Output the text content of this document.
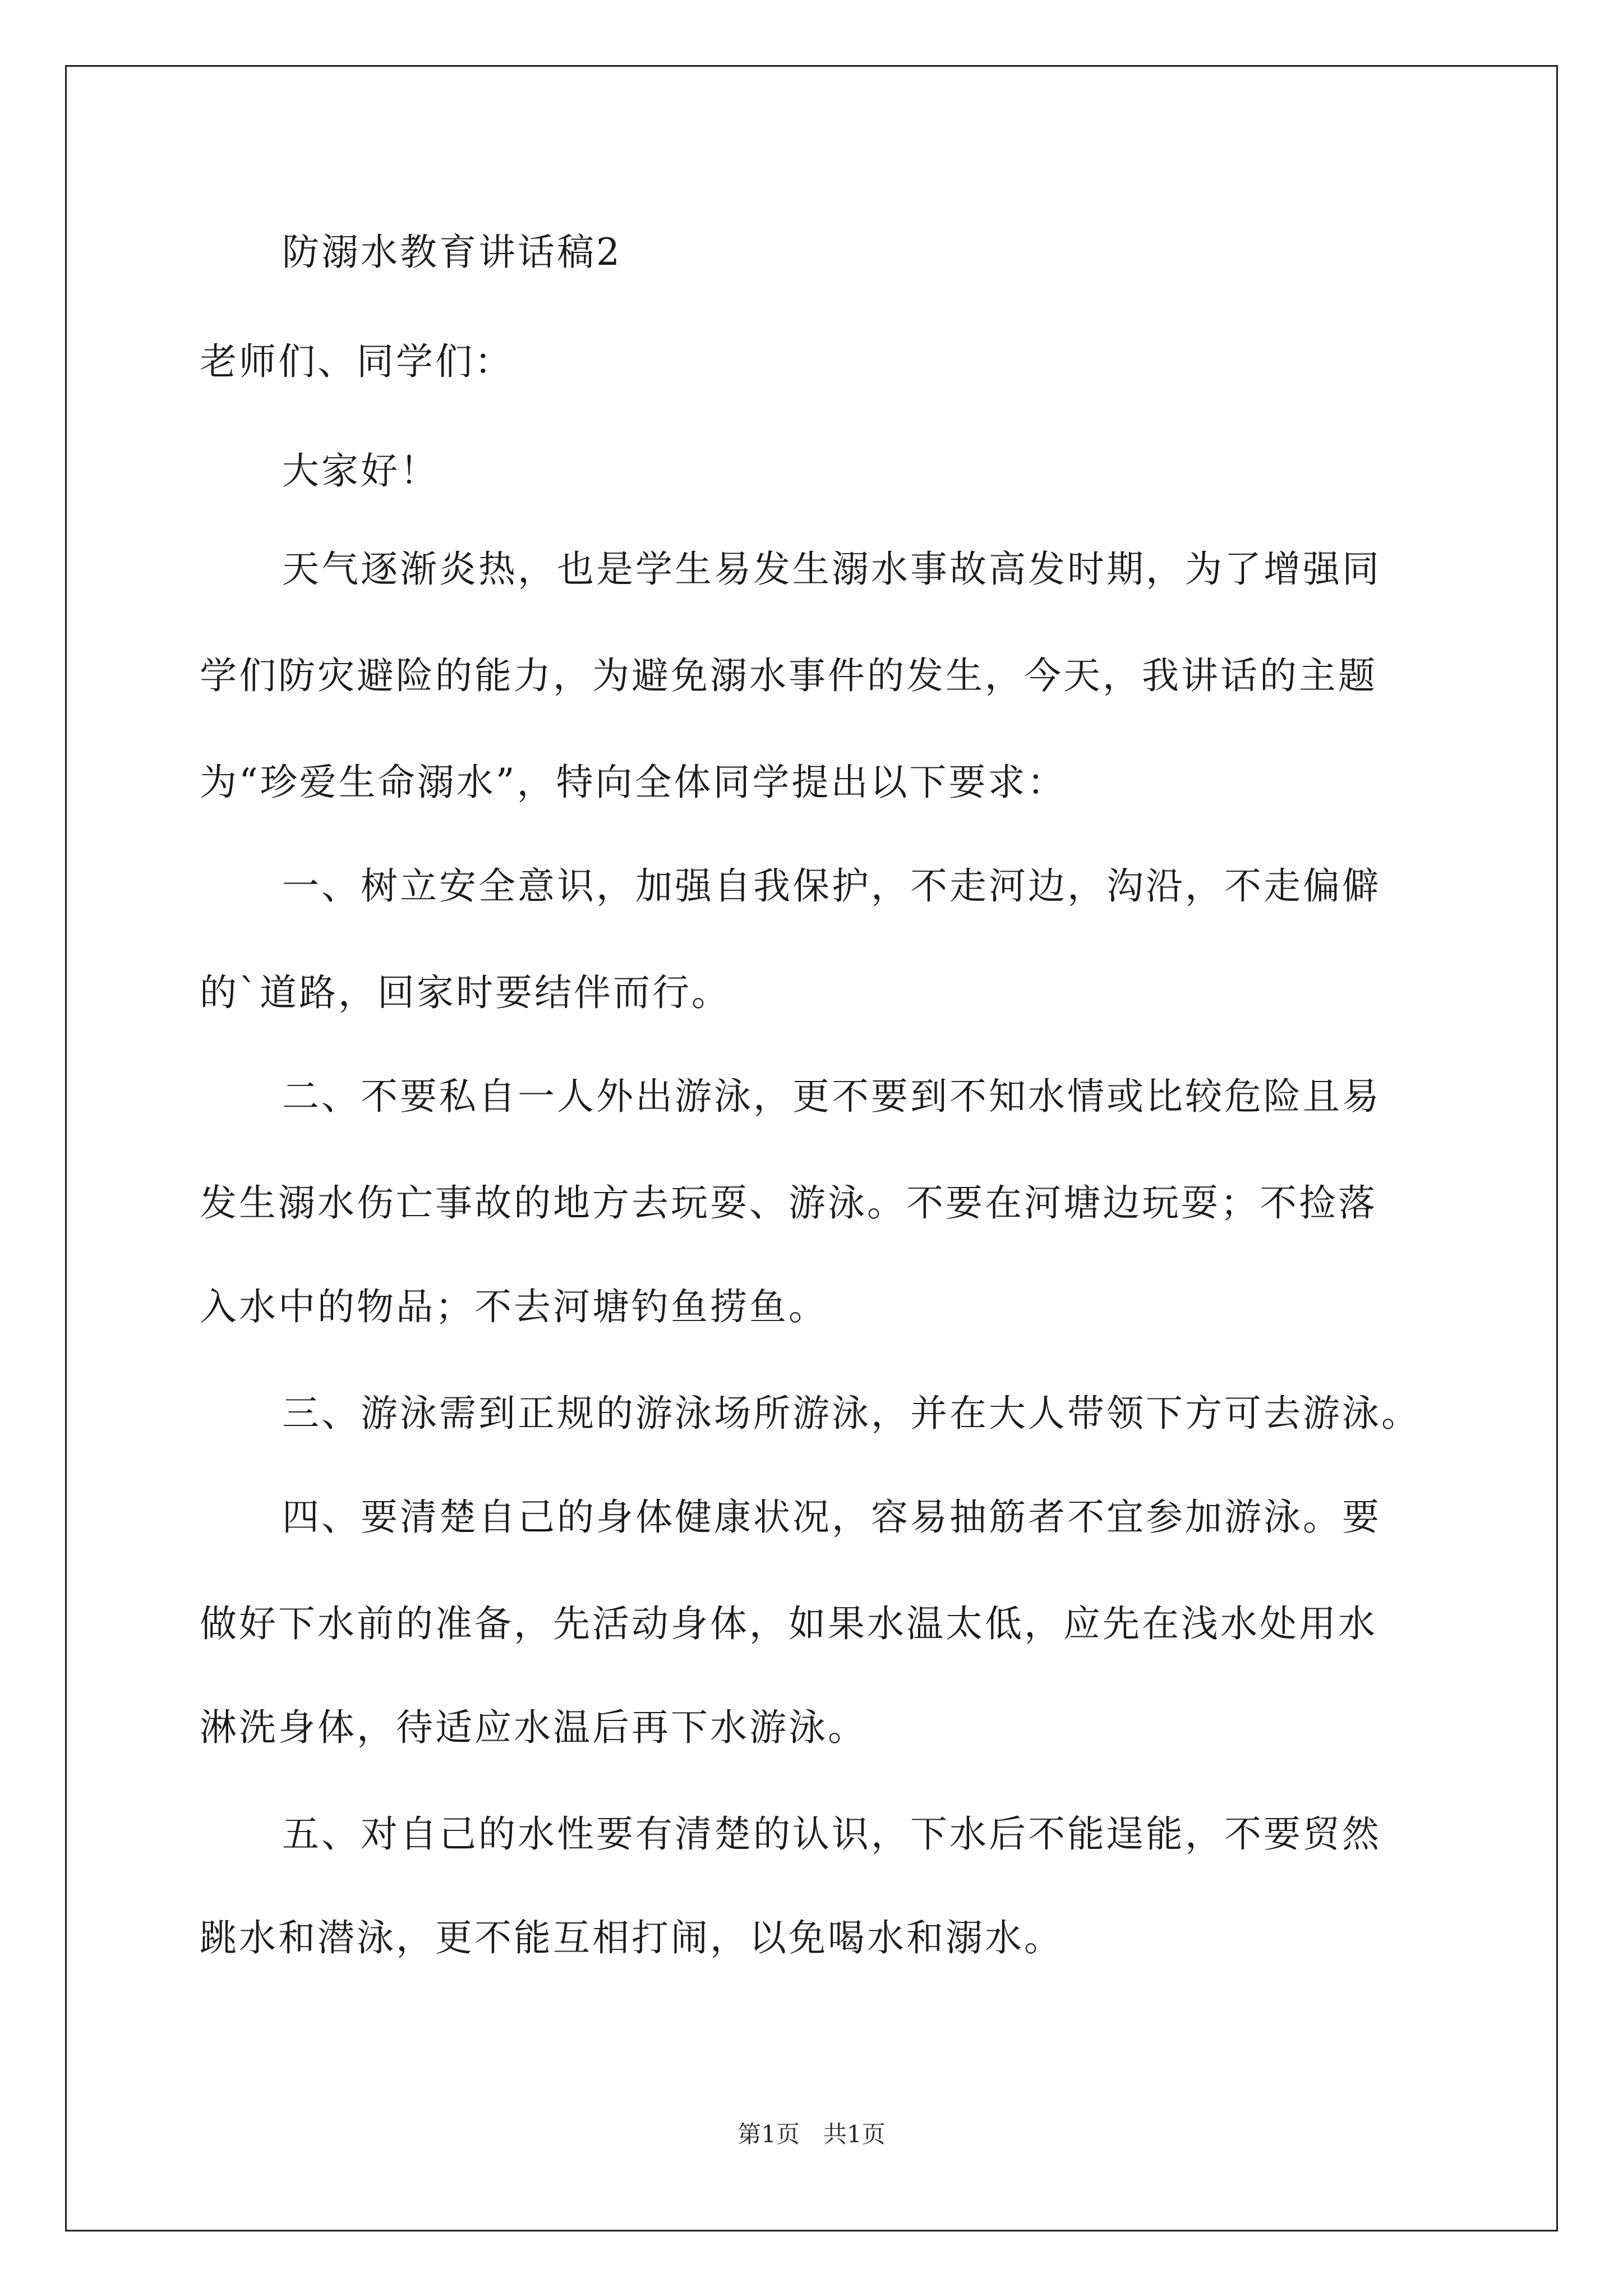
防溺水教育讲话稿2
老师们、同学们：
大家好！
天气逐渐炎热，也是学生易发生溺水事故高发时期，为了增强同
学们防灾避险的能力，为避免溺水事件的发生，今天，我讲话的主题
为“珍爱生命溺水”，特向全体同学提出以下要求：
一、树立安全意识，加强自我保护，不走河边，沟沿，不走偏僻
的`道路，回家时要结伴而行。
二、不要私自一人外出游泳，更不要到不知水情或比较危险且易
发生溺水伤亡事故的地方去玩耍、游泳。不要在河塘边玩耍；不捡落
入水中的物品；不去河塘钓鱼捞鱼。
三、游泳需到正规的游泳场所游泳，并在大人带领下方可去游泳。
四、要清楚自己的身体健康状况，容易抽筋者不宜参加游泳。要
做好下水前的准备，先活动身体，如果水温太低，应先在浅水处用水
淋洗身体，待适应水温后再下水游泳。
五、对自己的水性要有清楚的认识，下水后不能逞能，不要贸然
跳水和潜泳，更不能互相打闹，以免喝水和溺水。
第1页　共1页
